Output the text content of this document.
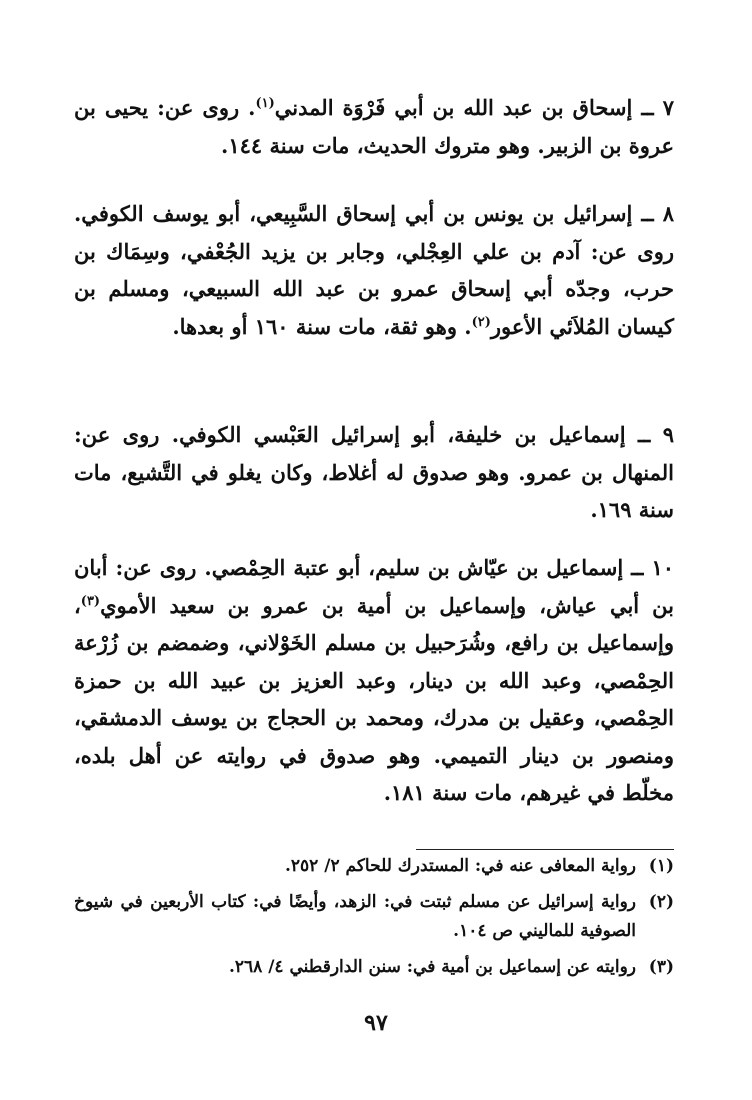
٧ ــ إسحاق بن عبد الله بن أبي فَرْوَة المدني$^{(١)}$. روى عن: يحيى بن عروة بن الزبير. وهو متروك الحديث، مات سنة ١٤٤.

٨ ــ إسرائيل بن يونس بن أبي إسحاق السَّبِيعي، أبو يوسف الكوفي. روى عن: آدم بن علي العِجْلي، وجابر بن يزيد الجُعْفي، وسِمَاك بن حرب، وجدّه أبي إسحاق عمرو بن عبد الله السبيعي، ومسلم بن كيسان المُلاَئي الأعور$^{(٢)}$. وهو ثقة، مات سنة ١٦٠ أو بعدها.

٩ ــ إسماعيل بن خليفة، أبو إسرائيل العَبْسي الكوفي. روى عن: المنهال بن عمرو. وهو صدوق له أغلاط، وكان يغلو في التَّشيع، مات سنة ١٦٩.

١٠ ــ إسماعيل بن عيّاش بن سليم، أبو عتبة الحِمْصي. روى عن: أبان بن أبي عياش، وإسماعيل بن أمية بن عمرو بن سعيد الأموي$^{(٣)}$، وإسماعيل بن رافع، وشُرَحبيل بن مسلم الخَوْلاني، وضمضم بن زُرْعة الحِمْصي، وعبد الله بن دينار، وعبد العزيز بن عبيد الله بن حمزة الحِمْصي، وعقيل بن مدرك، ومحمد بن الحجاج بن يوسف الدمشقي، ومنصور بن دينار التميمي. وهو صدوق في روايته عن أهل بلده، مخلّط في غيرهم، مات سنة ١٨١.

(١)
رواية المعافى عنه في: المستدرك للحاكم ٢/ ٢٥٢.
(٢)
رواية إسرائيل عن مسلم ثبتت في: الزهد، وأيضًا في: كتاب الأربعين في شيوخ الصوفية للماليني ص ١٠٤.
(٣)
روايته عن إسماعيل بن أمية في: سنن الدارقطني ٤/ ٢٦٨.
٩٧
